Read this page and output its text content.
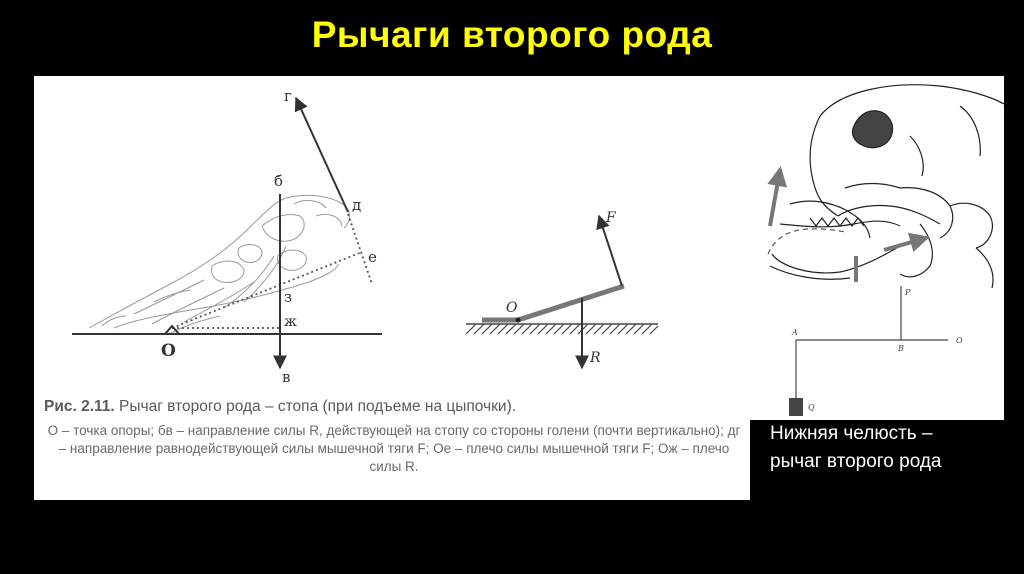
Рычаги второго рода
г
б
д
е
з
ж
О
в
O
F
R
Рис. 2.11. Рычаг второго рода – стопа (при подъеме на цыпочки).
О – точка опоры; бв – направление силы R, действующей на стопу со стороны голени (почти вертикально); дг – направление равнодействующей силы мышечной тяги F; Ое – плечо силы мышечной тяги F; Ож – плечо силы R.
P
A
B
O
Q
Нижняя челюсть –
рычаг второго рода
